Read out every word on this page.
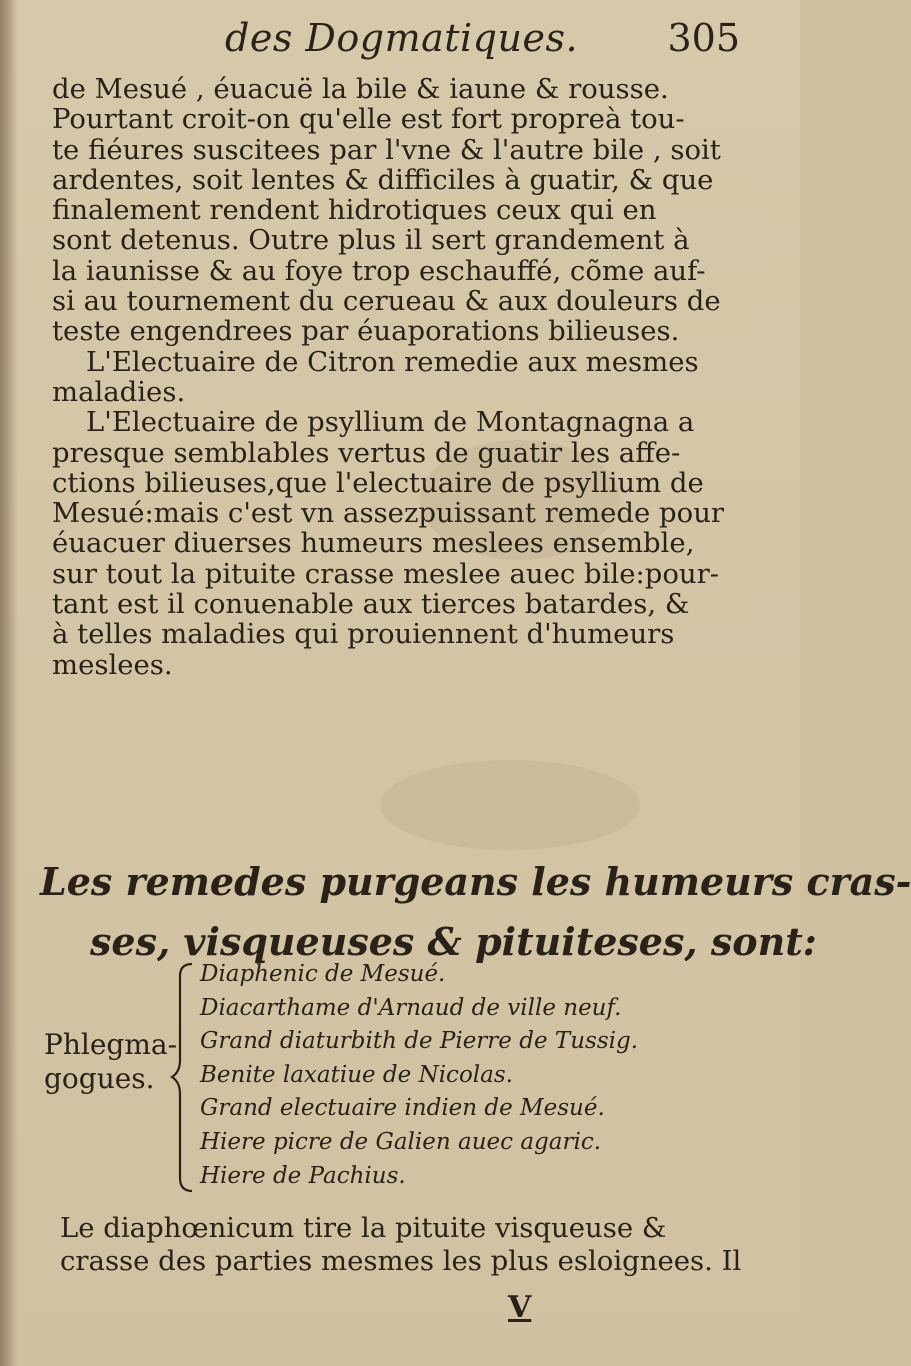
des Dogmatiques. 305
de Mesué , éuacuë la bile & iaune & rousse.
Pourtant croit-on qu'elle est fort propreà tou-
te fiéures suscitees par l'vne & l'autre bile , soit
ardentes, soit lentes & difficiles à guatir, & que
finalement rendent hidrotiques ceux qui en
sont detenus. Outre plus il sert grandement à
la iaunisse & au foye trop eschauffé, cõme auf-
si au tournement du cerueau & aux douleurs de
teste engendrees par éuaporations bilieuses.
L'Electuaire de Citron remedie aux mesmes
maladies.
L'Electuaire de psyllium de Montagnagna a
presque semblables vertus de guatir les affe-
ctions bilieuses,que l'electuaire de psyllium de
Mesué:mais c'est vn assezpuissant remede pour
éuacuer diuerses humeurs meslees ensemble,
sur tout la pituite crasse meslee auec bile:pour-
tant est il conuenable aux tierces batardes, &
à telles maladies qui prouiennent d'humeurs
meslees.
Les remedes purgeans les humeurs cras-
ses, visqueuses & pituiteses, sont:
Phlegma-
gogues.
Diaphenic de Mesué.
Diacarthame d'Arnaud de ville neuf.
Grand diaturbith de Pierre de Tussig.
Benite laxatiue de Nicolas.
Grand electuaire indien de Mesué.
Hiere picre de Galien auec agaric.
Hiere de Pachius.
Le diaphœnicum tire la pituite visqueuse &
crasse des parties mesmes les plus esloignees. Il
V
